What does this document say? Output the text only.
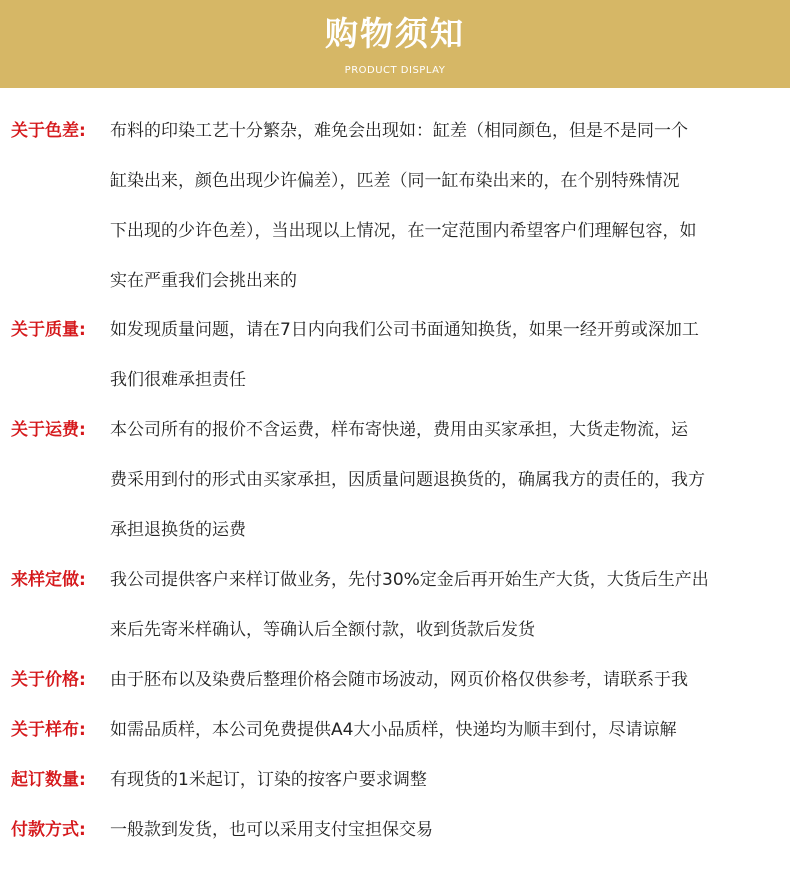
购物须知
PRODUCT DISPLAY
关于色差: 布料的印染工艺十分繁杂，难免会出现如：缸差（相同颜色，但是不是同一个
缸染出来，颜色出现少许偏差），匹差（同一缸布染出来的，在个别特殊情况
下出现的少许色差），当出现以上情况，在一定范围内希望客户们理解包容，如
实在严重我们会挑出来的
关于质量: 如发现质量问题，请在7日内向我们公司书面通知换货，如果一经开剪或深加工
我们很难承担责任
关于运费: 本公司所有的报价不含运费，样布寄快递，费用由买家承担，大货走物流，运
费采用到付的形式由买家承担，因质量问题退换货的，确属我方的责任的，我方
承担退换货的运费
来样定做: 我公司提供客户来样订做业务，先付30%定金后再开始生产大货，大货后生产出
来后先寄米样确认，等确认后全额付款，收到货款后发货
关于价格: 由于胚布以及染费后整理价格会随市场波动，网页价格仅供参考，请联系于我
关于样布: 如需品质样，本公司免费提供A4大小品质样，快递均为顺丰到付，尽请谅解
起订数量: 有现货的1米起订，订染的按客户要求调整
付款方式: 一般款到发货，也可以采用支付宝担保交易
